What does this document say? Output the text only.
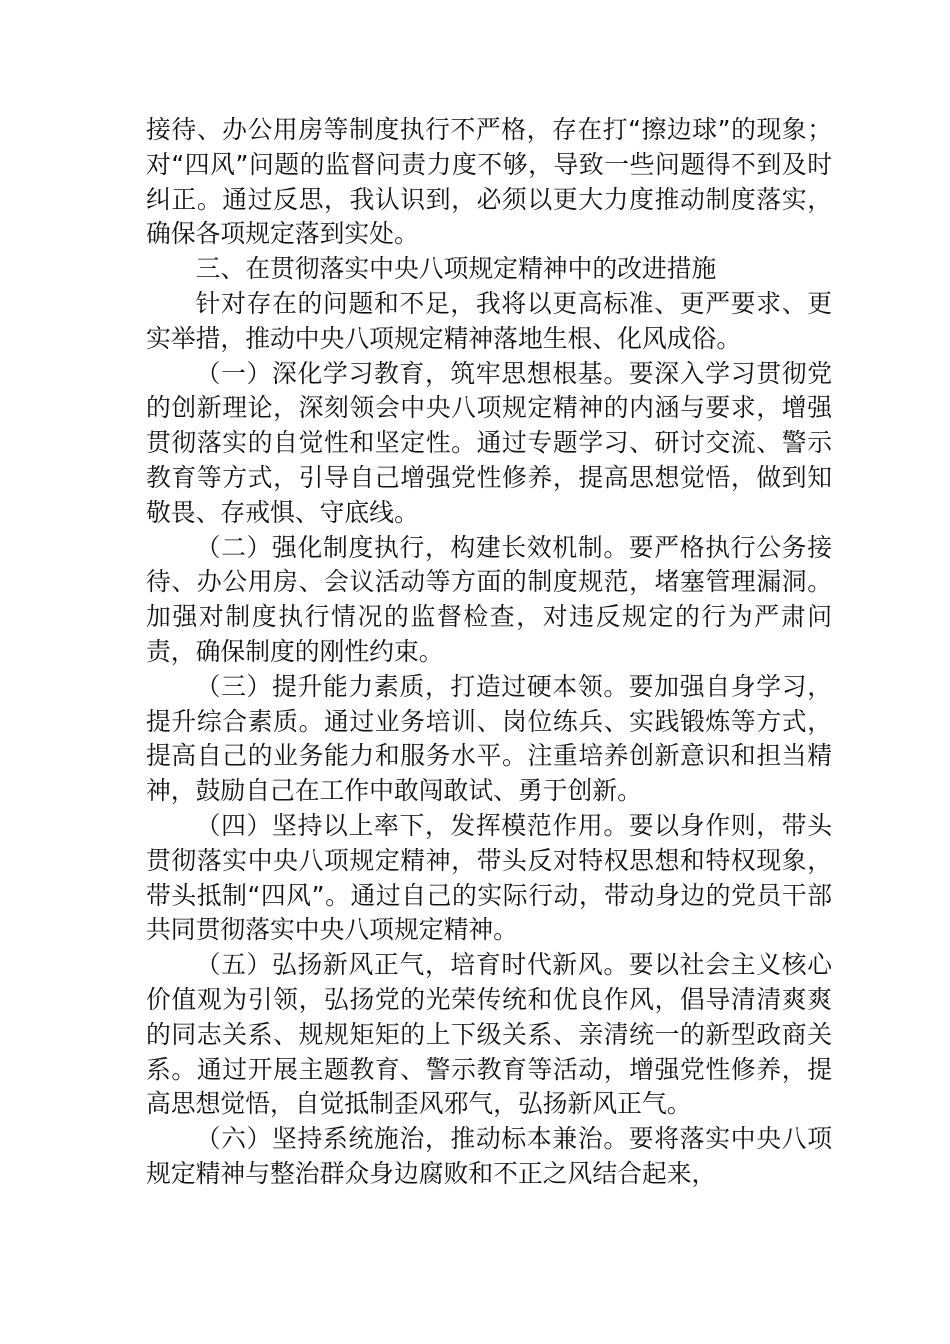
接待、办公用房等制度执行不严格，存在打“擦边球”的现象；对“四风”问题的监督问责力度不够，导致一些问题得不到及时纠正。通过反思，我认识到，必须以更大力度推动制度落实，确保各项规定落到实处。

三、在贯彻落实中央八项规定精神中的改进措施

针对存在的问题和不足，我将以更高标准、更严要求、更实举措，推动中央八项规定精神落地生根、化风成俗。

（一）深化学习教育，筑牢思想根基。要深入学习贯彻党的创新理论，深刻领会中央八项规定精神的内涵与要求，增强贯彻落实的自觉性和坚定性。通过专题学习、研讨交流、警示教育等方式，引导自己增强党性修养，提高思想觉悟，做到知敬畏、存戒惧、守底线。

（二）强化制度执行，构建长效机制。要严格执行公务接待、办公用房、会议活动等方面的制度规范，堵塞管理漏洞。加强对制度执行情况的监督检查，对违反规定的行为严肃问责，确保制度的刚性约束。

（三）提升能力素质，打造过硬本领。要加强自身学习，提升综合素质。通过业务培训、岗位练兵、实践锻炼等方式，提高自己的业务能力和服务水平。注重培养创新意识和担当精神，鼓励自己在工作中敢闯敢试、勇于创新。

（四）坚持以上率下，发挥模范作用。要以身作则，带头贯彻落实中央八项规定精神，带头反对特权思想和特权现象，带头抵制“四风”。通过自己的实际行动，带动身边的党员干部共同贯彻落实中央八项规定精神。

（五）弘扬新风正气，培育时代新风。要以社会主义核心价值观为引领，弘扬党的光荣传统和优良作风，倡导清清爽爽的同志关系、规规矩矩的上下级关系、亲清统一的新型政商关系。通过开展主题教育、警示教育等活动，增强党性修养，提高思想觉悟，自觉抵制歪风邪气，弘扬新风正气。

（六）坚持系统施治，推动标本兼治。要将落实中央八项规定精神与整治群众身边腐败和不正之风结合起来，
